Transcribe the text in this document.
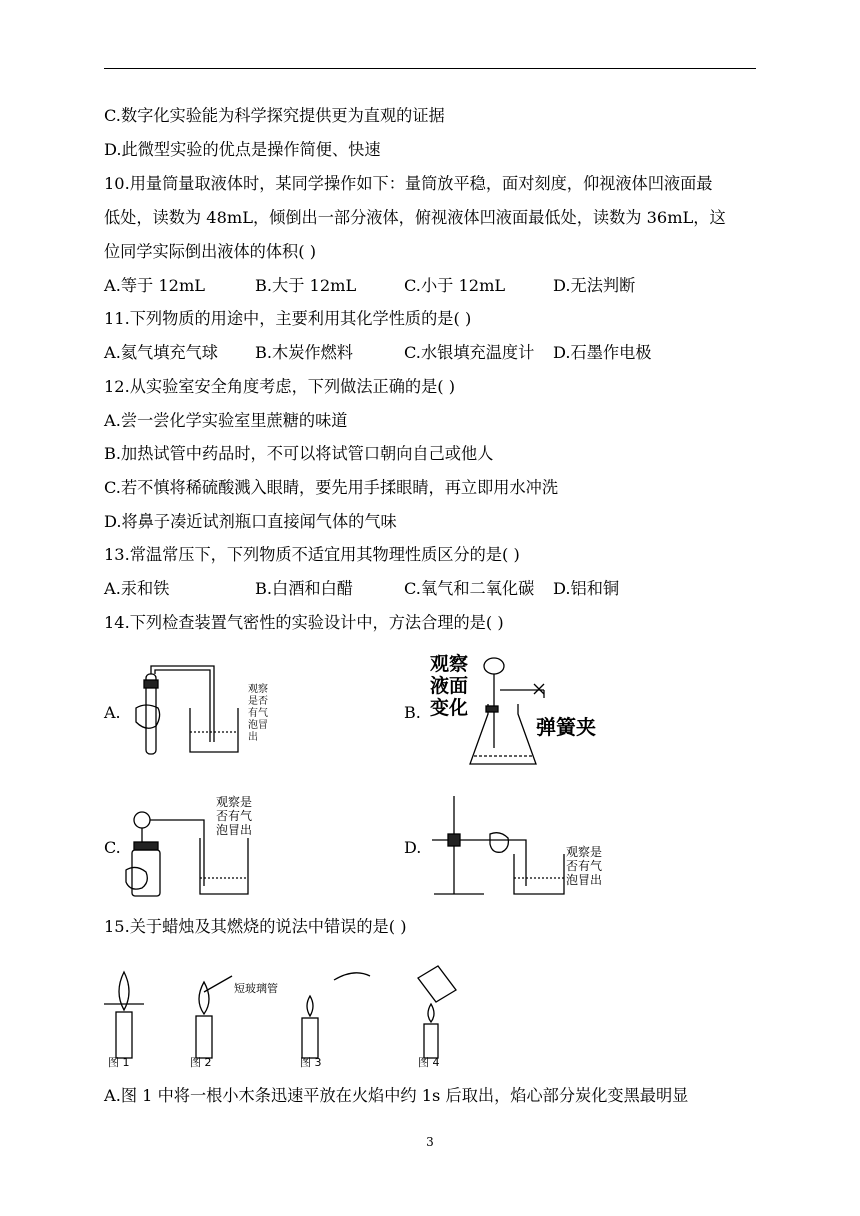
C.数字化实验能为科学探究提供更为直观的证据
D.此微型实验的优点是操作简便、快速
10.用量筒量取液体时，某同学操作如下：量筒放平稳，面对刻度，仰视液体凹液面最
低处，读数为 48mL，倾倒出一部分液体，俯视液体凹液面最低处，读数为 36mL，这
位同学实际倒出液体的体积( )
A.等于 12mL	B.大于 12mL	C.小于 12mL	D.无法判断
11.下列物质的用途中，主要利用其化学性质的是( )
A.氦气填充气球 B.木炭作燃料	C.水银填充温度计 D.石墨作电极
12.从实验室安全角度考虑，下列做法正确的是( )
A.尝一尝化学实验室里蔗糖的味道
B.加热试管中药品时，不可以将试管口朝向自己或他人
C.若不慎将稀硫酸溅入眼睛，要先用手揉眼睛，再立即用水冲洗
D.将鼻子凑近试剂瓶口直接闻气体的气味
13.常温常压下，下列物质不适宜用其物理性质区分的是( )
A.汞和铁	B.白酒和白醋	C.氧气和二氧化碳 D.铝和铜
14.下列检查装置气密性的实验设计中，方法合理的是( )
A.
观察
是否
有气
泡冒
出
B.
观察
液面
变化
弹簧夹
C.
观察是
否有气
泡冒出
D.	观察是
否有气
泡冒出
15.关于蜡烛及其燃烧的说法中错误的是( )
短玻璃管
图 1	图 2	图 3	图 4
A.图 1 中将一根小木条迅速平放在火焰中约 1s 后取出，焰心部分炭化变黑最明显
3
